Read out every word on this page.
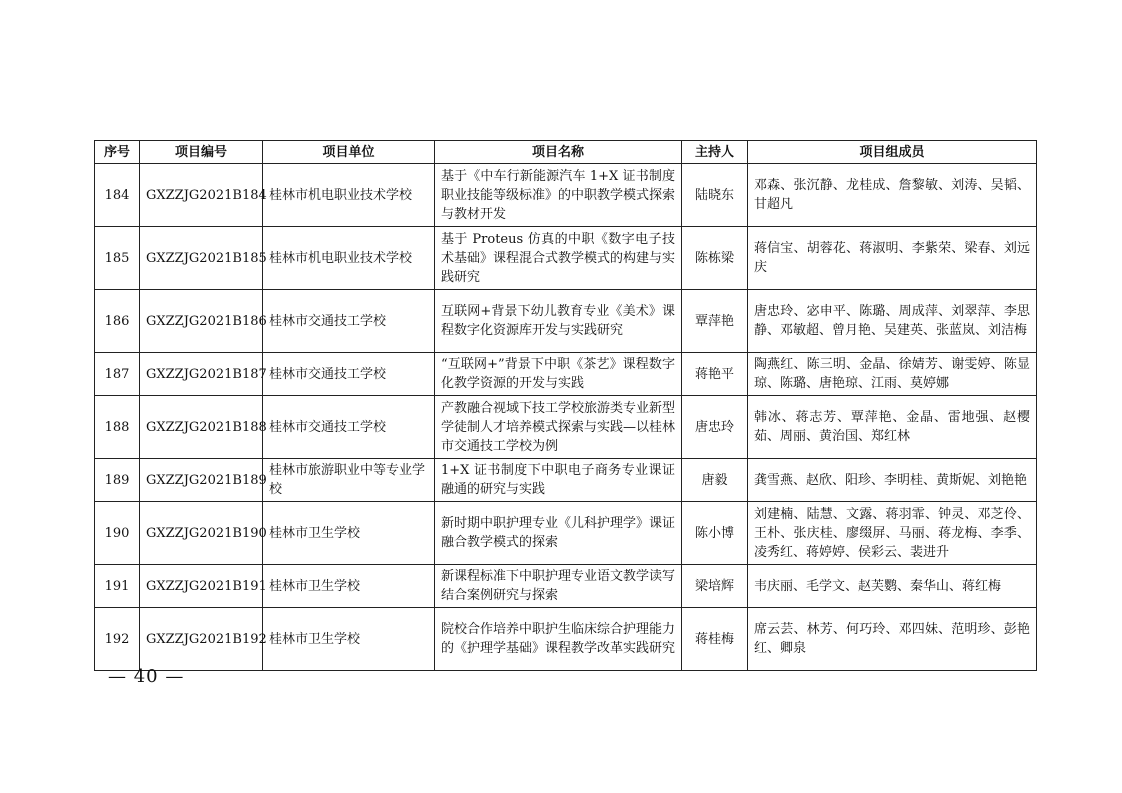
序号	项目编号	项目单位	项目名称	主持人	项目组成员
184	GXZZJG2021B184	桂林市机电职业技术学校	基于《中车行新能源汽车 1+X 证书制度职业技能等级标准》的中职教学模式探索与教材开发	陆晓东	邓森、张沉静、龙桂成、詹黎敏、刘涛、吴韬、甘超凡
185	GXZZJG2021B185	桂林市机电职业技术学校	基于 Proteus 仿真的中职《数字电子技术基础》课程混合式教学模式的构建与实践研究	陈栋梁	蒋信宝、胡蓉花、蒋淑明、李紫荣、梁春、刘远庆
186	GXZZJG2021B186	桂林市交通技工学校	互联网+背景下幼儿教育专业《美术》课程数字化资源库开发与实践研究	覃萍艳	唐忠玲、宓申平、陈璐、周成萍、刘翠萍、李思静、邓敏超、曾月艳、吴建英、张蓝岚、刘洁梅
187	GXZZJG2021B187	桂林市交通技工学校	“互联网+”背景下中职《茶艺》课程数字化教学资源的开发与实践	蒋艳平	陶燕红、陈三明、金晶、徐婧芳、谢雯婷、陈显琼、陈璐、唐艳琼、江雨、莫婷娜
188	GXZZJG2021B188	桂林市交通技工学校	产教融合视域下技工学校旅游类专业新型学徒制人才培养模式探索与实践—以桂林市交通技工学校为例	唐忠玲	韩冰、蒋志芳、覃萍艳、金晶、雷地强、赵樱茹、周丽、黄治国、郑红林
189	GXZZJG2021B189	桂林市旅游职业中等专业学校	1+X 证书制度下中职电子商务专业课证融通的研究与实践	唐毅	龚雪燕、赵欣、阳珍、李明桂、黄斯妮、刘艳艳
190	GXZZJG2021B190	桂林市卫生学校	新时期中职护理专业《儿科护理学》课证融合教学模式的探索	陈小博	刘建楠、陆慧、文露、蒋羽霏、钟灵、邓芝伶、王朴、张庆桂、廖缀屏、马丽、蒋龙梅、李季、凌秀红、蒋婷婷、侯彩云、裴进升
191	GXZZJG2021B191	桂林市卫生学校	新课程标准下中职护理专业语文教学读写结合案例研究与探索	梁培辉	韦庆丽、毛学文、赵芙鹦、秦华山、蒋红梅
192	GXZZJG2021B192	桂林市卫生学校	院校合作培养中职护生临床综合护理能力的《护理学基础》课程教学改革实践研究	蒋桂梅	席云芸、林芳、何巧玲、邓四妹、范明珍、彭艳红、卿泉
— 40 —
